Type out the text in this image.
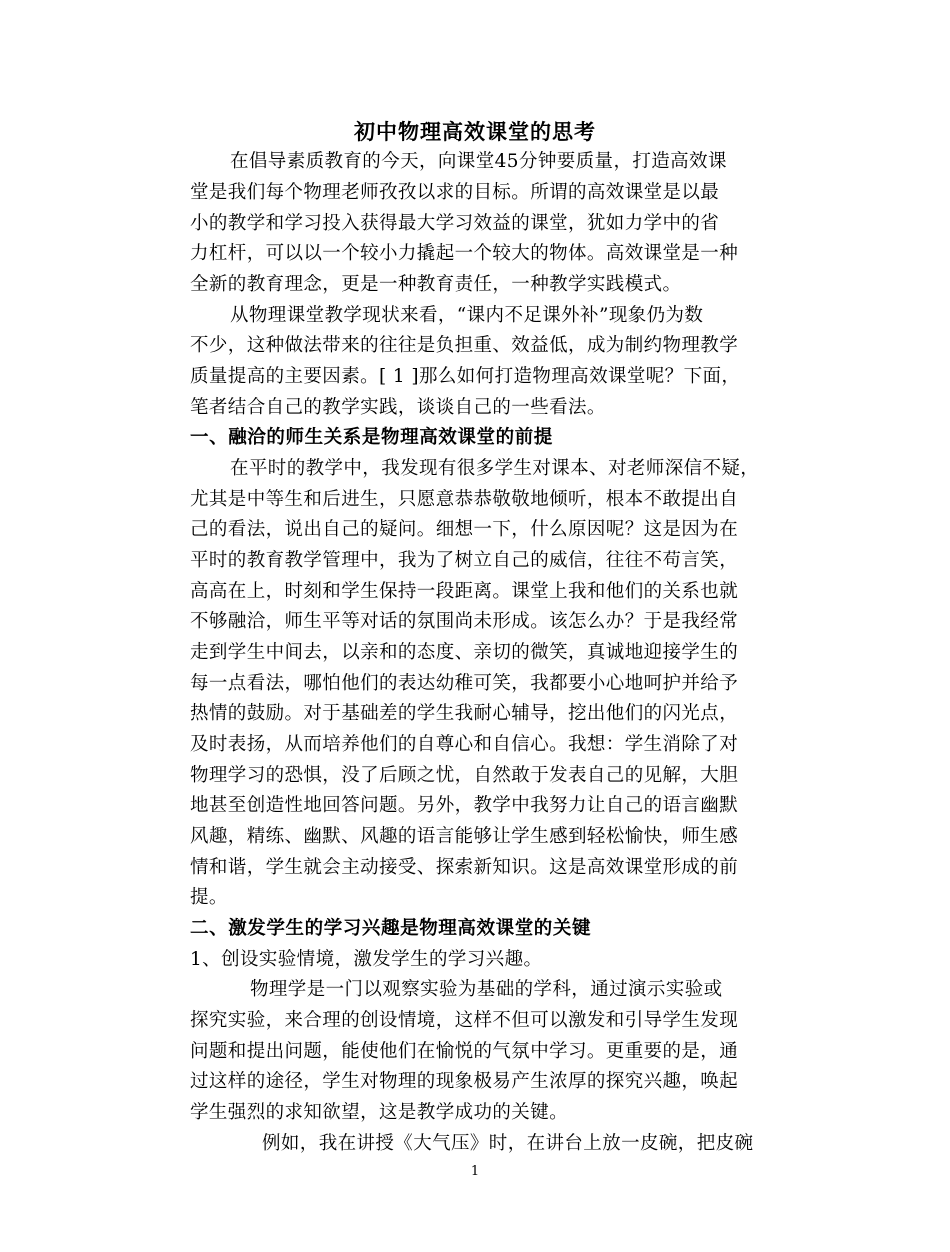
初中物理高效课堂的思考
在倡导素质教育的今天，向课堂45分钟要质量，打造高效课
堂是我们每个物理老师孜孜以求的目标。所谓的高效课堂是以最
小的教学和学习投入获得最大学习效益的课堂，犹如力学中的省
力杠杆，可以以一个较小力撬起一个较大的物体。高效课堂是一种
全新的教育理念，更是一种教育责任，一种教学实践模式。
从物理课堂教学现状来看，“课内不足课外补”现象仍为数
不少，这种做法带来的往往是负担重、效益低，成为制约物理教学
质量提高的主要因素。[ 1 ]那么如何打造物理高效课堂呢？下面，
笔者结合自己的教学实践，谈谈自己的一些看法。
一、融洽的师生关系是物理高效课堂的前提
在平时的教学中，我发现有很多学生对课本、对老师深信不疑，
尤其是中等生和后进生，只愿意恭恭敬敬地倾听，根本不敢提出自
己的看法，说出自己的疑问。细想一下，什么原因呢？这是因为在
平时的教育教学管理中，我为了树立自己的威信，往往不苟言笑，
高高在上，时刻和学生保持一段距离。课堂上我和他们的关系也就
不够融洽，师生平等对话的氛围尚未形成。该怎么办？于是我经常
走到学生中间去，以亲和的态度、亲切的微笑，真诚地迎接学生的
每一点看法，哪怕他们的表达幼稚可笑，我都要小心地呵护并给予
热情的鼓励。对于基础差的学生我耐心辅导，挖出他们的闪光点，
及时表扬，从而培养他们的自尊心和自信心。我想：学生消除了对
物理学习的恐惧，没了后顾之忧，自然敢于发表自己的见解，大胆
地甚至创造性地回答问题。另外，教学中我努力让自己的语言幽默
风趣，精练、幽默、风趣的语言能够让学生感到轻松愉快，师生感
情和谐，学生就会主动接受、探索新知识。这是高效课堂形成的前
提。
二、激发学生的学习兴趣是物理高效课堂的关键
1、创设实验情境，激发学生的学习兴趣。
物理学是一门以观察实验为基础的学科，通过演示实验或
探究实验，来合理的创设情境，这样不但可以激发和引导学生发现
问题和提出问题，能使他们在愉悦的气氛中学习。更重要的是，通
过这样的途径，学生对物理的现象极易产生浓厚的探究兴趣，唤起
学生强烈的求知欲望，这是教学成功的关键。
例如，我在讲授《大气压》时，在讲台上放一皮碗，把皮碗
1
